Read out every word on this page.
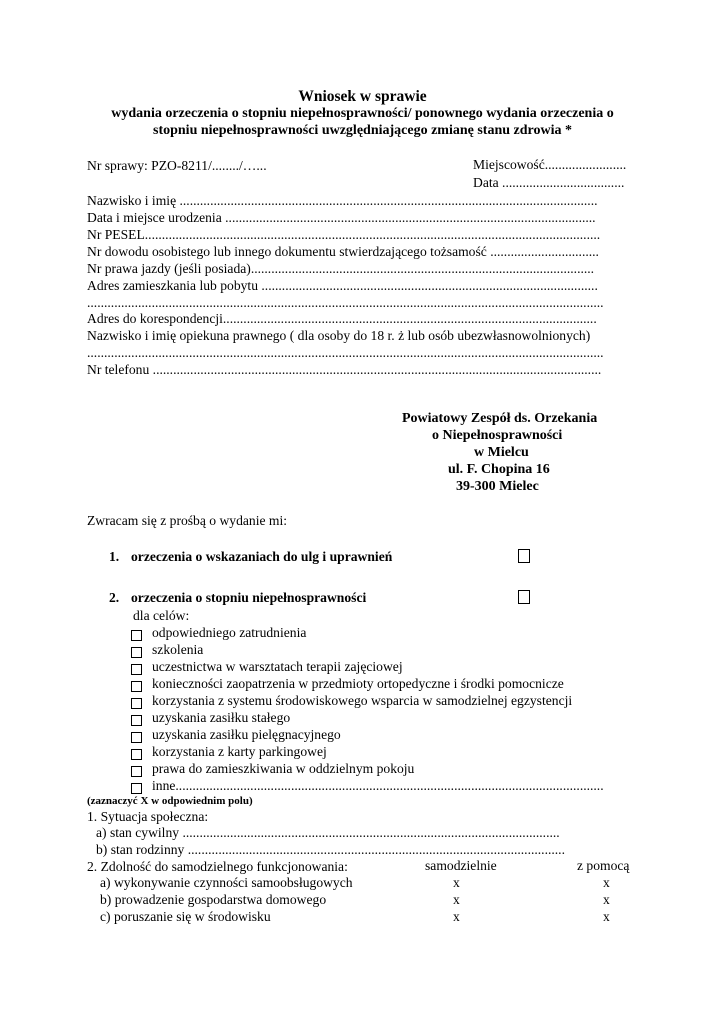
Wniosek w sprawie
wydania orzeczenia o stopniu niepełnosprawności/ ponownego wydania orzeczenia o
stopniu niepełnosprawności uwzględniającego zmianę stanu zdrowia *
Nr sprawy: PZO-8211/......../…...	Miejscowość........................
Data ....................................
Nazwisko i imię ...........................................................................................................................
Data i miejsce urodzenia .............................................................................................................
Nr PESEL......................................................................................................................................
Nr dowodu osobistego lub innego dokumentu stwierdzającego tożsamość ................................
Nr prawa jazdy (jeśli posiada).....................................................................................................
Adres zamieszkania lub pobytu ...................................................................................................
........................................................................................................................................................
Adres do korespondencji..............................................................................................................
Nazwisko i imię opiekuna prawnego ( dla osoby do 18 r. ż lub osób ubezwłasnowolnionych)
........................................................................................................................................................
Nr telefonu ....................................................................................................................................
Powiatowy Zespół ds. Orzekania
o Niepełnosprawności
w Mielcu
ul. F. Chopina 16
39-300 Mielec
Zwracam się z prośbą o wydanie mi:
1. orzeczenia o wskazaniach do ulg i uprawnień
2. orzeczenia o stopniu niepełnosprawności
dla celów:
odpowiedniego zatrudnienia
szkolenia
uczestnictwa w warsztatach terapii zajęciowej
konieczności zaopatrzenia w przedmioty ortopedyczne i środki pomocnicze
korzystania z systemu środowiskowego wsparcia w samodzielnej egzystencji
uzyskania zasiłku stałego
uzyskania zasiłku pielęgnacyjnego
korzystania z karty parkingowej
prawa do zamieszkiwania w oddzielnym pokoju
inne..............................................................................................................................
(zaznaczyć X w odpowiednim polu)
1. Sytuacja społeczna:
a) stan cywilny ...............................................................................................................
b) stan rodzinny ...............................................................................................................
2. Zdolność do samodzielnego funkcjonowania:	samodzielnie	z pomocą
a) wykonywanie czynności samoobsługowych	x	x
b) prowadzenie gospodarstwa domowego	x	x
c) poruszanie się w środowisku	x	x
